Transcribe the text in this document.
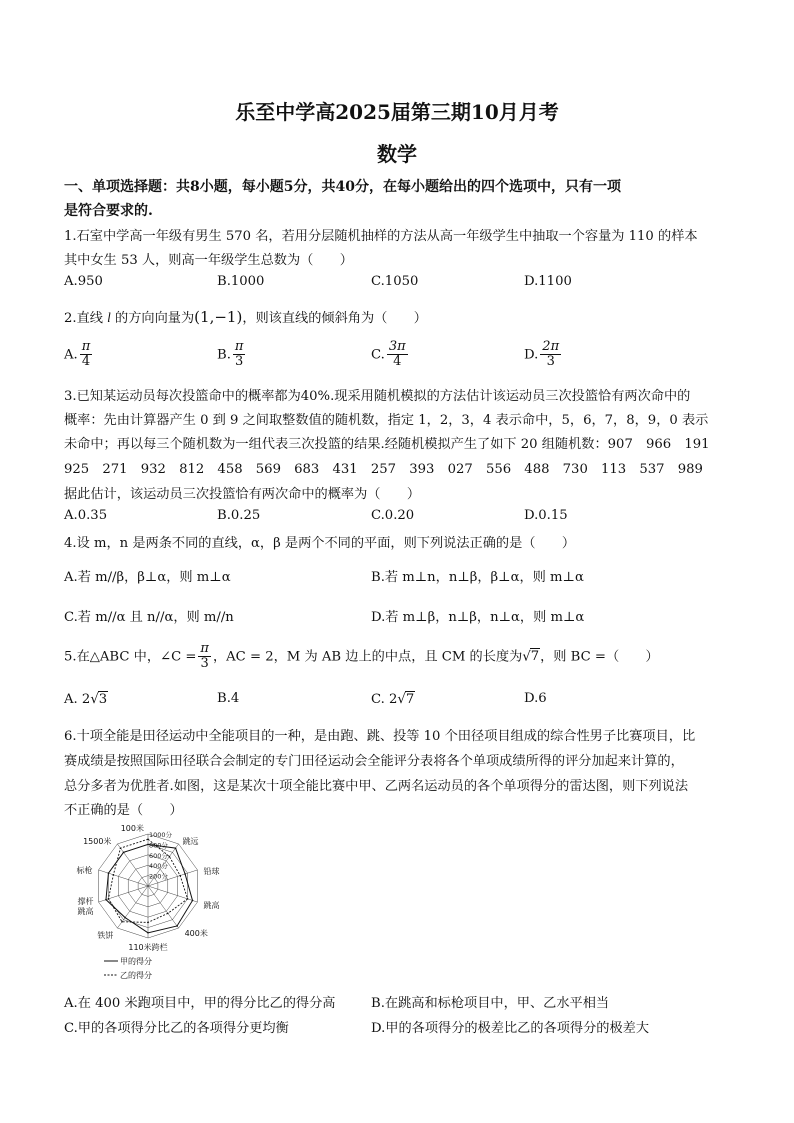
乐至中学高2025届第三期10月月考
数学
一、单项选择题：共8小题，每小题5分，共40分，在每小题给出的四个选项中，只有一项
是符合要求的.
1.石室中学高一年级有男生 570 名，若用分层随机抽样的方法从高一年级学生中抽取一个容量为 110 的样本
其中女生 53 人，则高一年级学生总数为（　　）
A.950	B.1000	C.1050	D.1100
2.直线 l 的方向向量为(1,−1)，则该直线的倾斜角为（　　）
A. $\frac{\pi}{4}$	B. $\frac{\pi}{3}$	C. $\frac{3\pi}{4}$	D. $\frac{2\pi}{3}$
3.已知某运动员每次投篮命中的概率都为40%.现采用随机模拟的方法估计该运动员三次投篮恰有两次命中的
概率：先由计算器产生 0 到 9 之间取整数值的随机数，指定 1，2，3，4 表示命中，5，6，7，8，9，0 表示
未命中；再以每三个随机数为一组代表三次投篮的结果.经随机模拟产生了如下 20 组随机数：907　966　191
925　271　932　812　458　569　683　431　257　393　027　556　488　730　113　537　989
据此估计，该运动员三次投篮恰有两次命中的概率为（　　）
A.0.35	B.0.25	C.0.20	D.0.15
4.设 m，n 是两条不同的直线，α，β 是两个不同的平面，则下列说法正确的是（　　）
A.若 m//β，β⊥α，则 m⊥α	B.若 m⊥n，n⊥β，β⊥α，则 m⊥α
C.若 m//α 且 n//α，则 m//n	D.若 m⊥β，n⊥β，n⊥α，则 m⊥α
5.在△ABC 中，∠C = $\frac{\pi}{3}$ ，AC = 2，M 为 AB 边上的中点，且 CM 的长度为√7，则 BC =（　　）
A. 2√3	B.4	C. 2√7	D.6
6.十项全能是田径运动中全能项目的一种，是由跑、跳、投等 10 个田径项目组成的综合性男子比赛项目，比
赛成绩是按照国际田径联合会制定的专门田径运动会全能评分表将各个单项成绩所得的评分加起来计算的，
总分多者为优胜者.如图，这是某次十项全能比赛中甲、乙两名运动员的各个单项得分的雷达图，则下列说法
不正确的是（　　）
1000分
800分
600分
400分
200分
100米
跳远
铅球
跳高
400米
110米跨栏
铁饼
撑杆
跳高
标枪
1500米
甲的得分
乙的得分
A.在 400 米跑项目中，甲的得分比乙的得分高	B.在跳高和标枪项目中，甲、乙水平相当
C.甲的各项得分比乙的各项得分更均衡	D.甲的各项得分的极差比乙的各项得分的极差大
